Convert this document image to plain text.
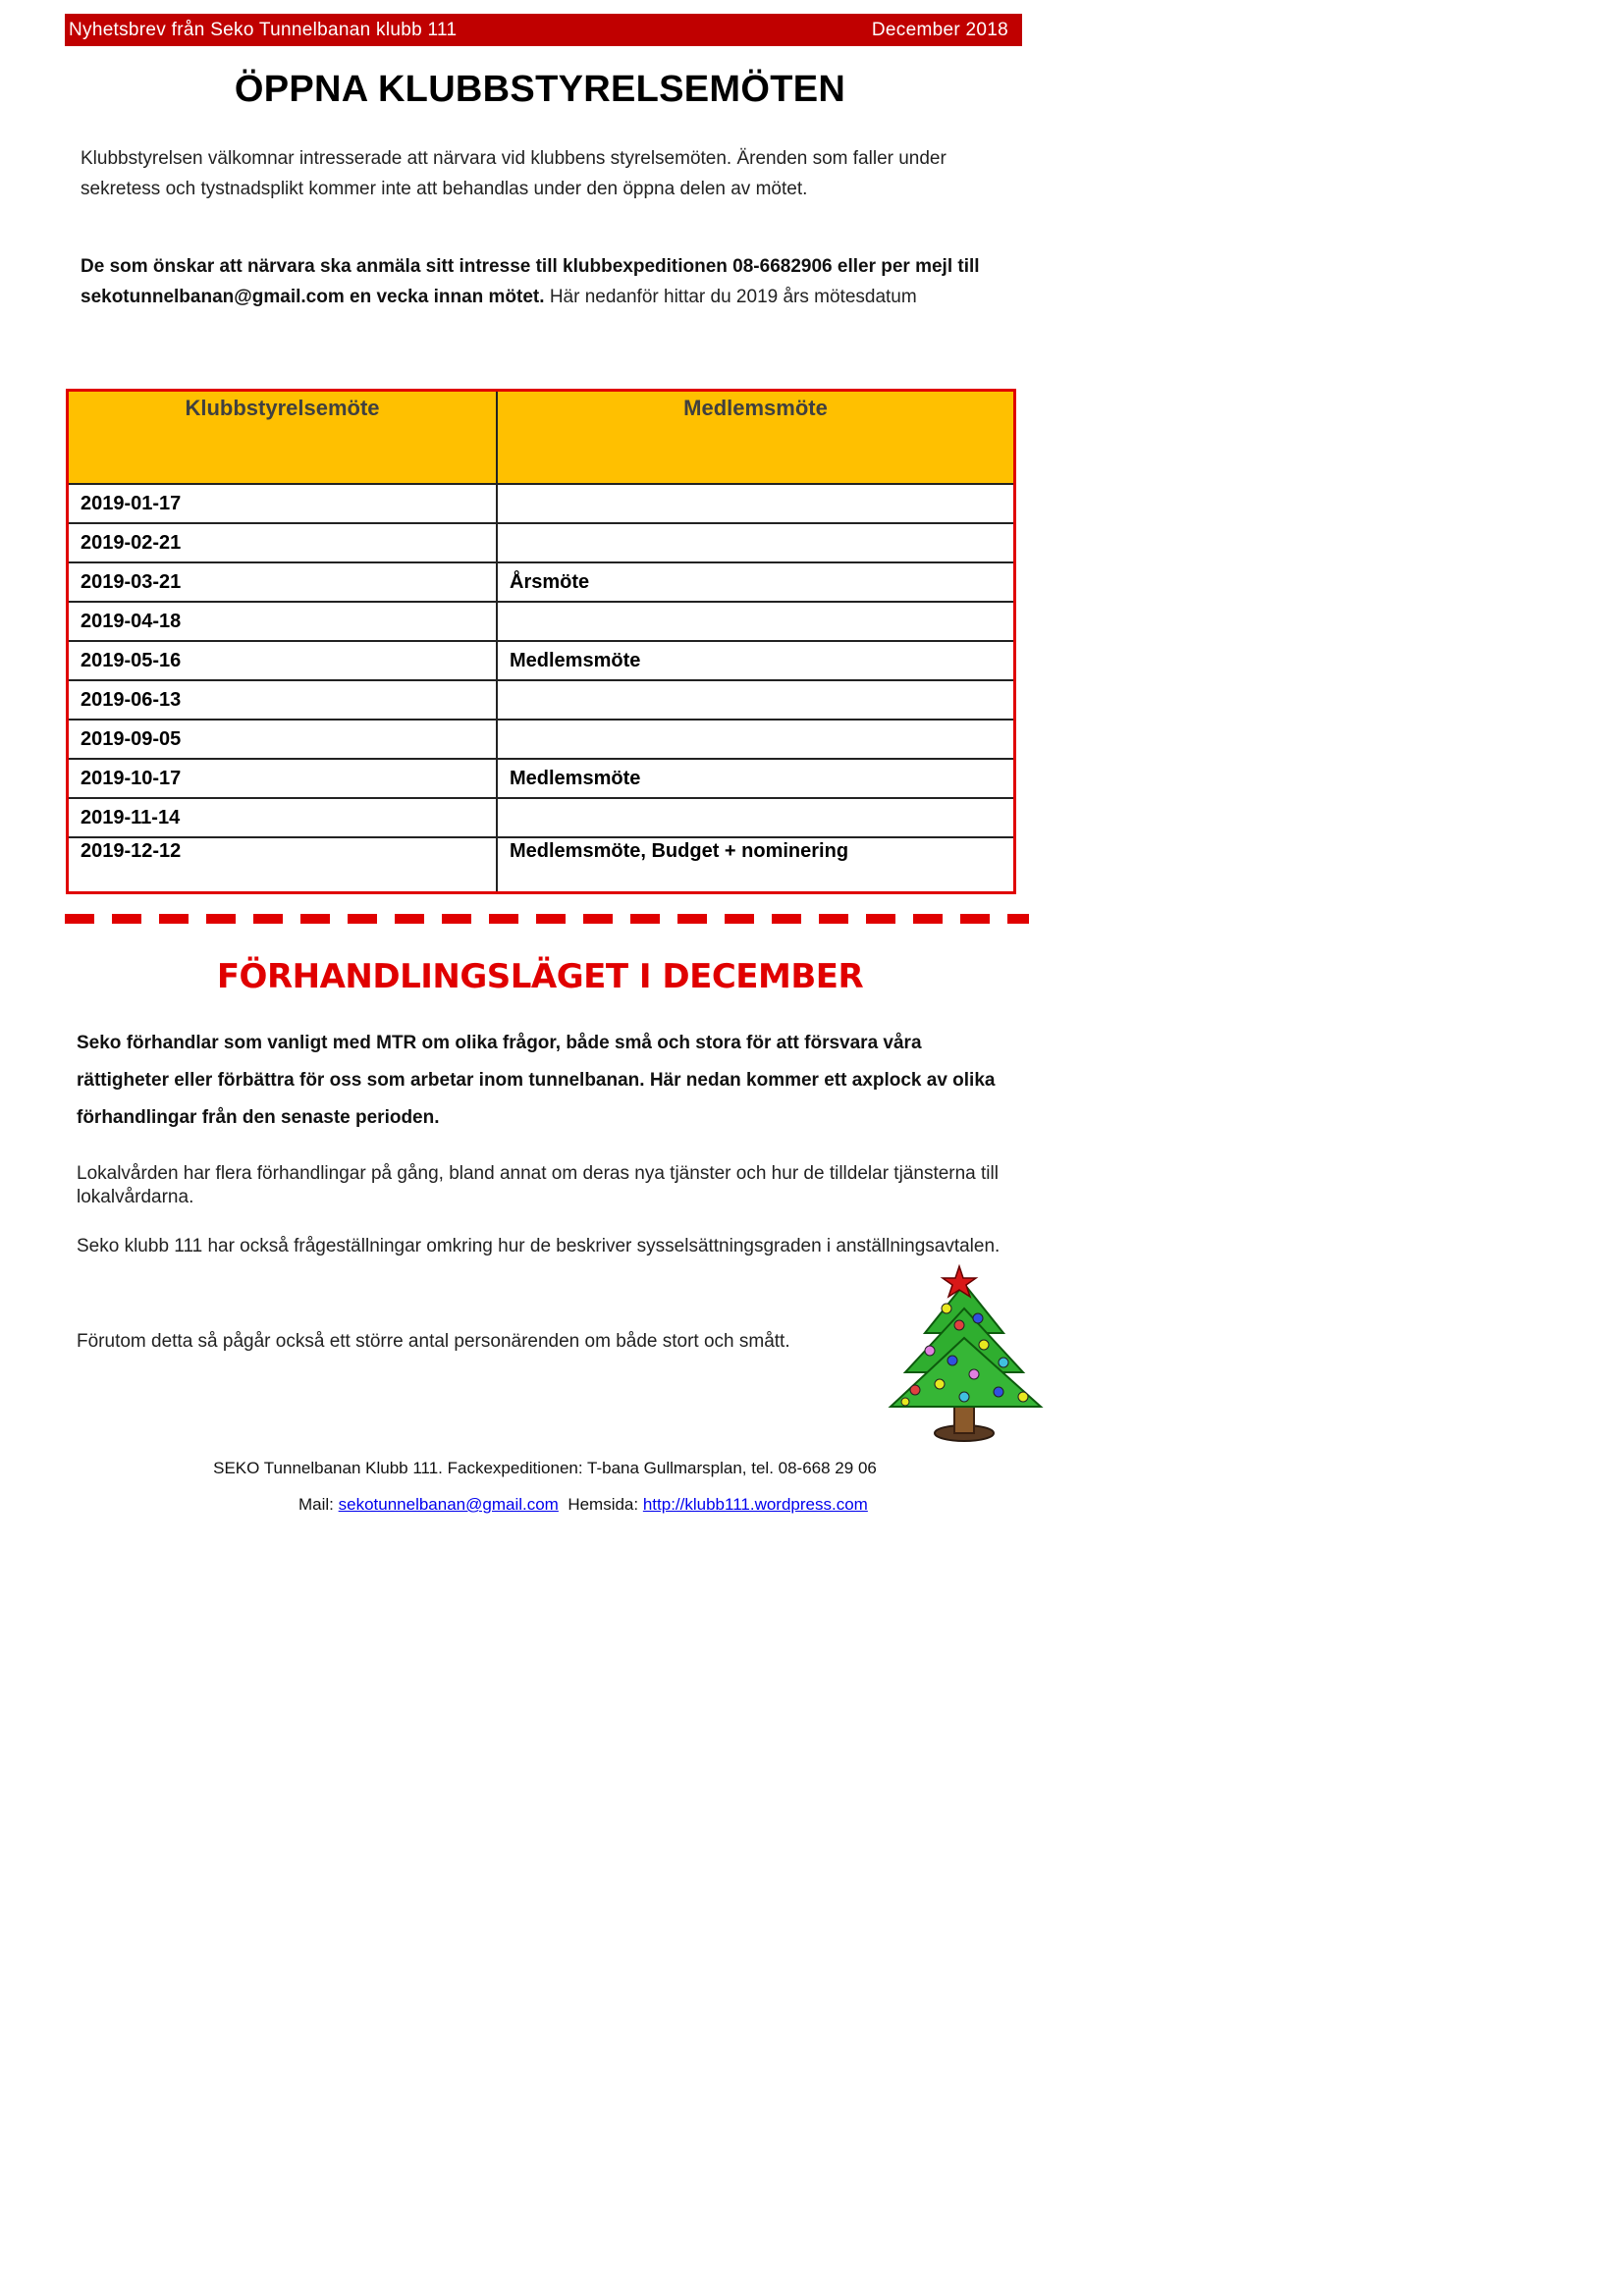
Nyhetsbrev från Seko Tunnelbanan klubb 111	December 2018
ÖPPNA KLUBBSTYRELSEMÖTEN

Klubbstyrelsen välkomnar intresserade att närvara vid klubbens styrelsemöten. Ärenden som faller under sekretess och tystnadsplikt kommer inte att behandlas under den öppna delen av mötet.

De som önskar att närvara ska anmäla sitt intresse till klubbexpeditionen 08-6682906 eller per mejl till sekotunnelbanan@gmail.com en vecka innan mötet. Här nedanför hittar du 2019 års mötesdatum

Klubbstyrelsemöte	Medlemsmöte
2019-01-17	
2019-02-21	
2019-03-21	Årsmöte
2019-04-18	
2019-05-16	Medlemsmöte
2019-06-13	
2019-09-05	
2019-10-17	Medlemsmöte
2019-11-14	
2019-12-12	Medlemsmöte, Budget + nominering
FÖRHANDLINGSLÄGET I DECEMBER

Seko förhandlar som vanligt med MTR om olika frågor, både små och stora för att försvara våra rättigheter eller förbättra för oss som arbetar inom tunnelbanan. Här nedan kommer ett axplock av olika förhandlingar från den senaste perioden.

Lokalvården har flera förhandlingar på gång, bland annat om deras nya tjänster och hur de tilldelar tjänsterna till lokalvårdarna.

Seko klubb 111 har också frågeställningar omkring hur de beskriver sysselsättningsgraden i anställningsavtalen.

Förutom detta så pågår också ett större antal personärenden om både stort och smått.

SEKO Tunnelbanan Klubb 111. Fackexpeditionen: T-bana Gullmarsplan, tel. 08-668 29 06
Mail: sekotunnelbanan@gmail.com Hemsida: http://klubb111.wordpress.com
